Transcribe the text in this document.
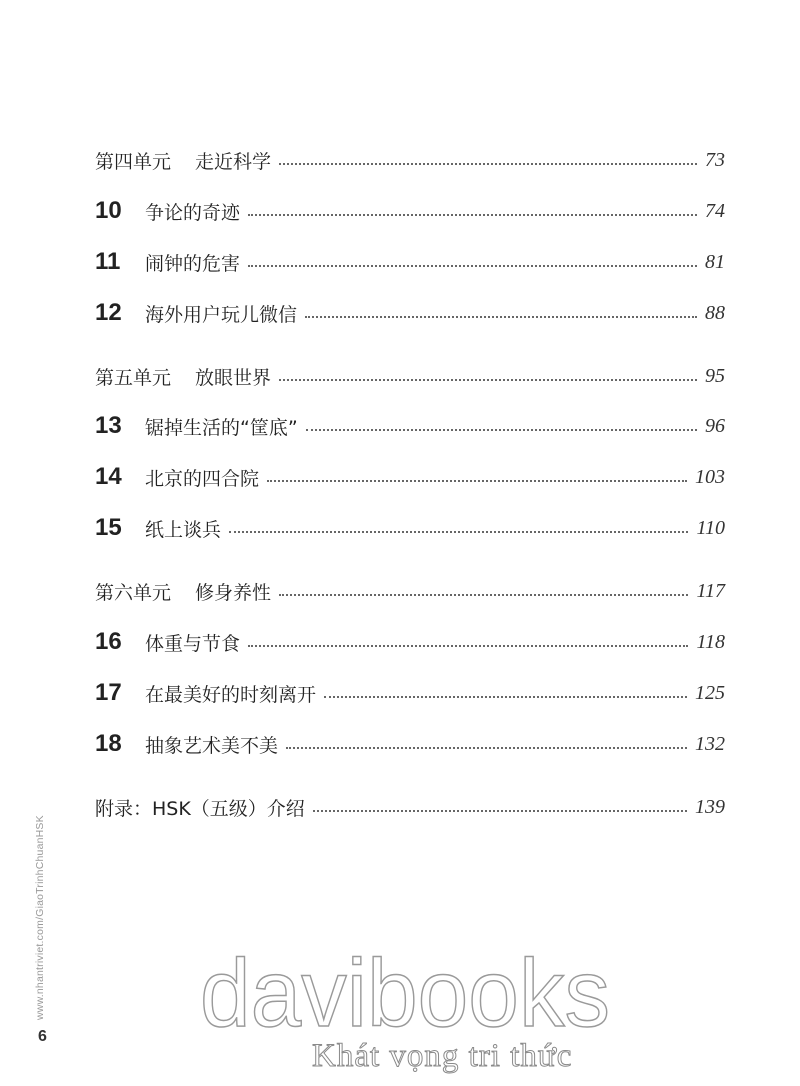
第四单元 走近科学	73
10	争论的奇迹	74
11	闹钟的危害	81
12	海外用户玩儿微信	88
第五单元 放眼世界	95
13	锯掉生活的“筐底”	96
14	北京的四合院	103
15	纸上谈兵	110
第六单元 修身养性	117
16	体重与节食	118
17	在最美好的时刻离开	125
18	抽象艺术美不美	132
附录：HSK（五级）介绍	139
www.nhantriviet.com/GiaoTrinhChuanHSK
6 davibooks
Khát vọng tri thức
